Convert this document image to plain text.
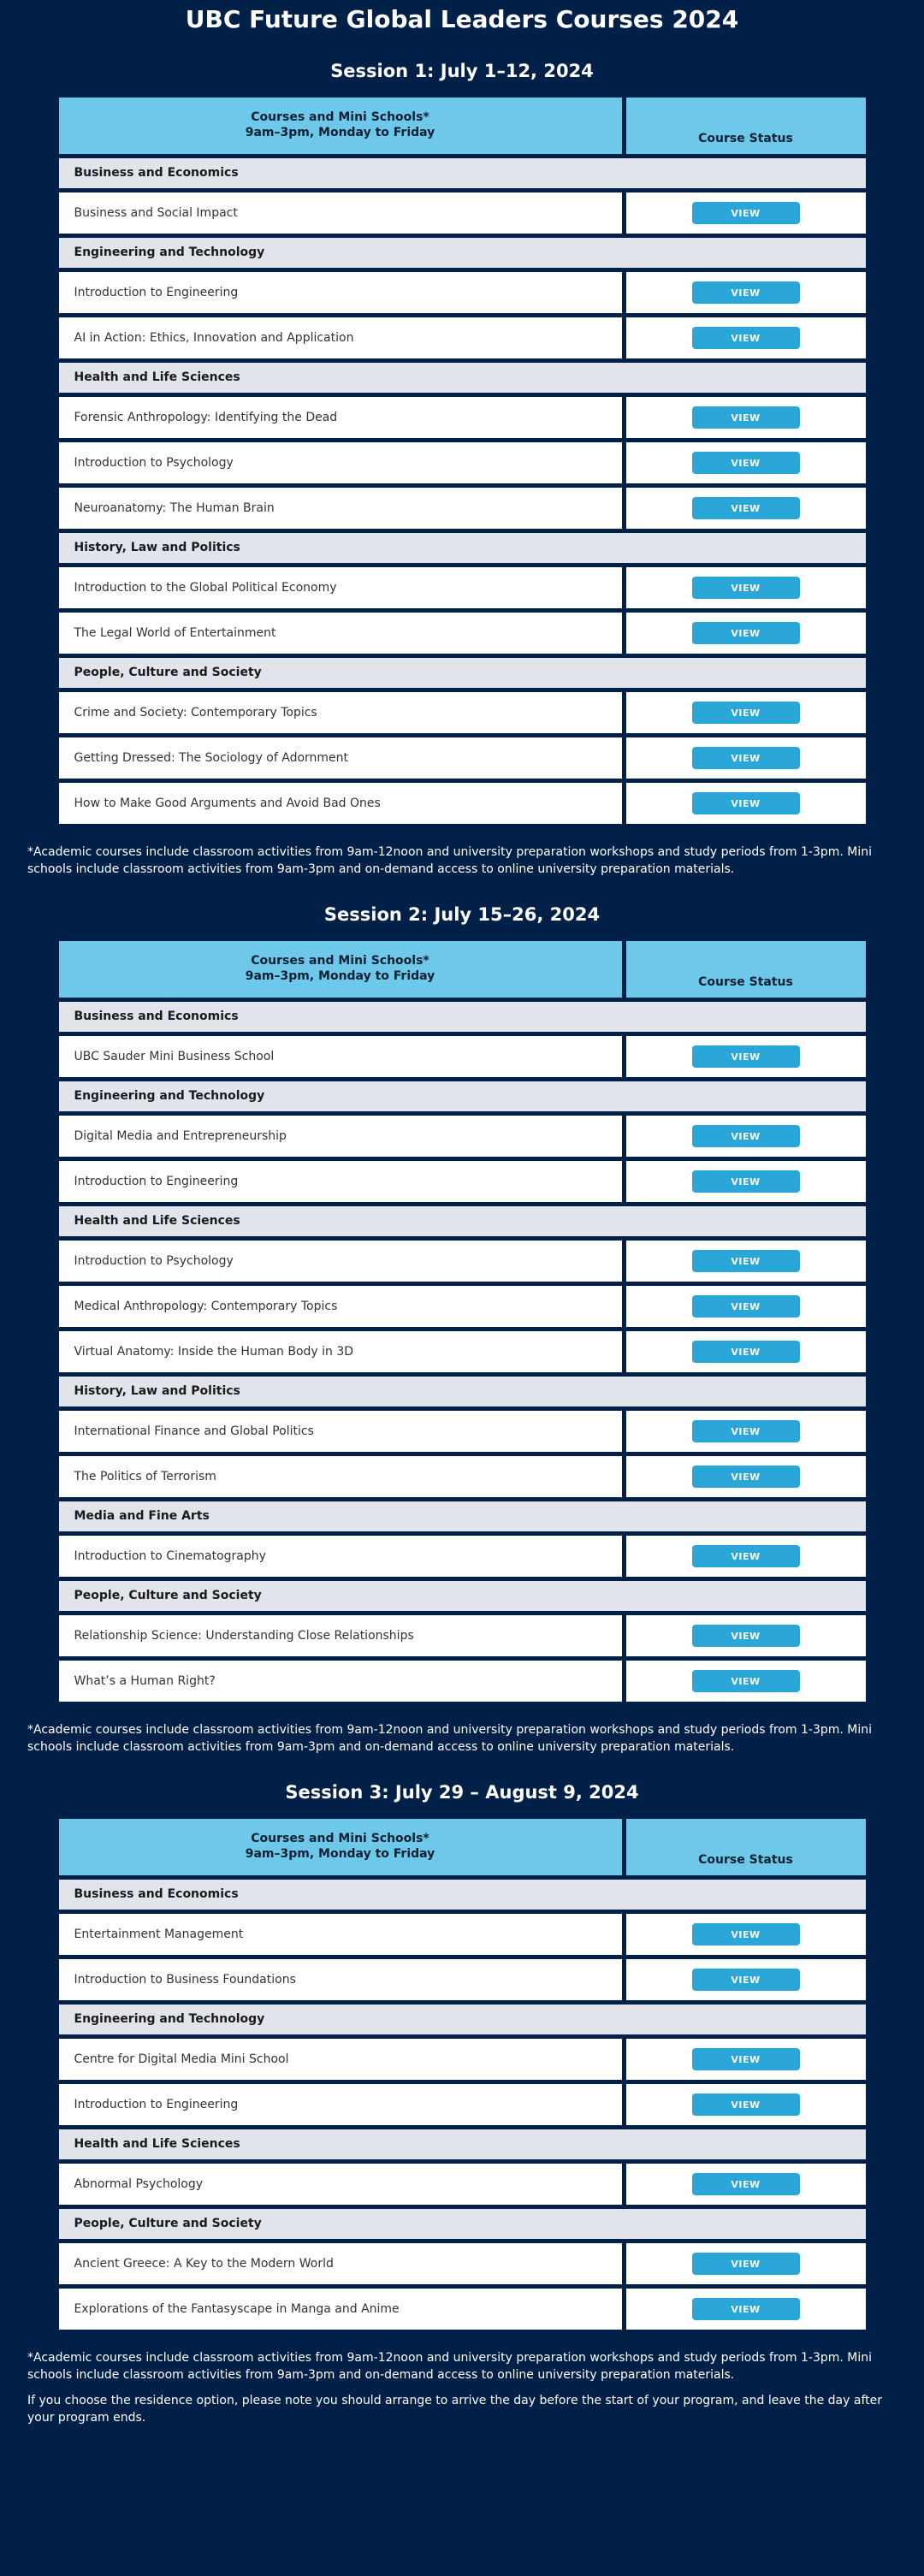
UBC Future Global Leaders Courses 2024
Session 1: July 1–12, 2024
Courses and Mini Schools*
9am–3pm, Monday to Friday	Course Status
Business and Economics
Business and Social Impact	VIEW
Engineering and Technology
Introduction to Engineering	VIEW
AI in Action: Ethics, Innovation and Application	VIEW
Health and Life Sciences
Forensic Anthropology: Identifying the Dead	VIEW
Introduction to Psychology	VIEW
Neuroanatomy: The Human Brain	VIEW
History, Law and Politics
Introduction to the Global Political Economy	VIEW
The Legal World of Entertainment	VIEW
People, Culture and Society
Crime and Society: Contemporary Topics	VIEW
Getting Dressed: The Sociology of Adornment	VIEW
How to Make Good Arguments and Avoid Bad Ones	VIEW

*Academic courses include classroom activities from 9am-12noon and university preparation workshops and study periods from 1-3pm. Mini schools include classroom activities from 9am-3pm and on-demand access to online university preparation materials.

Session 2: July 15–26, 2024
Courses and Mini Schools*
9am–3pm, Monday to Friday	Course Status
Business and Economics
UBC Sauder Mini Business School	VIEW
Engineering and Technology
Digital Media and Entrepreneurship	VIEW
Introduction to Engineering	VIEW
Health and Life Sciences
Introduction to Psychology	VIEW
Medical Anthropology: Contemporary Topics	VIEW
Virtual Anatomy: Inside the Human Body in 3D	VIEW
History, Law and Politics
International Finance and Global Politics	VIEW
The Politics of Terrorism	VIEW
Media and Fine Arts
Introduction to Cinematography	VIEW
People, Culture and Society
Relationship Science: Understanding Close Relationships	VIEW
What’s a Human Right?	VIEW

*Academic courses include classroom activities from 9am-12noon and university preparation workshops and study periods from 1-3pm. Mini schools include classroom activities from 9am-3pm and on-demand access to online university preparation materials.

Session 3: July 29 – August 9, 2024
Courses and Mini Schools*
9am–3pm, Monday to Friday	Course Status
Business and Economics
Entertainment Management	VIEW
Introduction to Business Foundations	VIEW
Engineering and Technology
Centre for Digital Media Mini School	VIEW
Introduction to Engineering	VIEW
Health and Life Sciences
Abnormal Psychology	VIEW
People, Culture and Society
Ancient Greece: A Key to the Modern World	VIEW
Explorations of the Fantasyscape in Manga and Anime	VIEW

*Academic courses include classroom activities from 9am-12noon and university preparation workshops and study periods from 1-3pm. Mini schools include classroom activities from 9am-3pm and on-demand access to online university preparation materials.

If you choose the residence option, please note you should arrange to arrive the day before the start of your program, and leave the day after your program ends.
